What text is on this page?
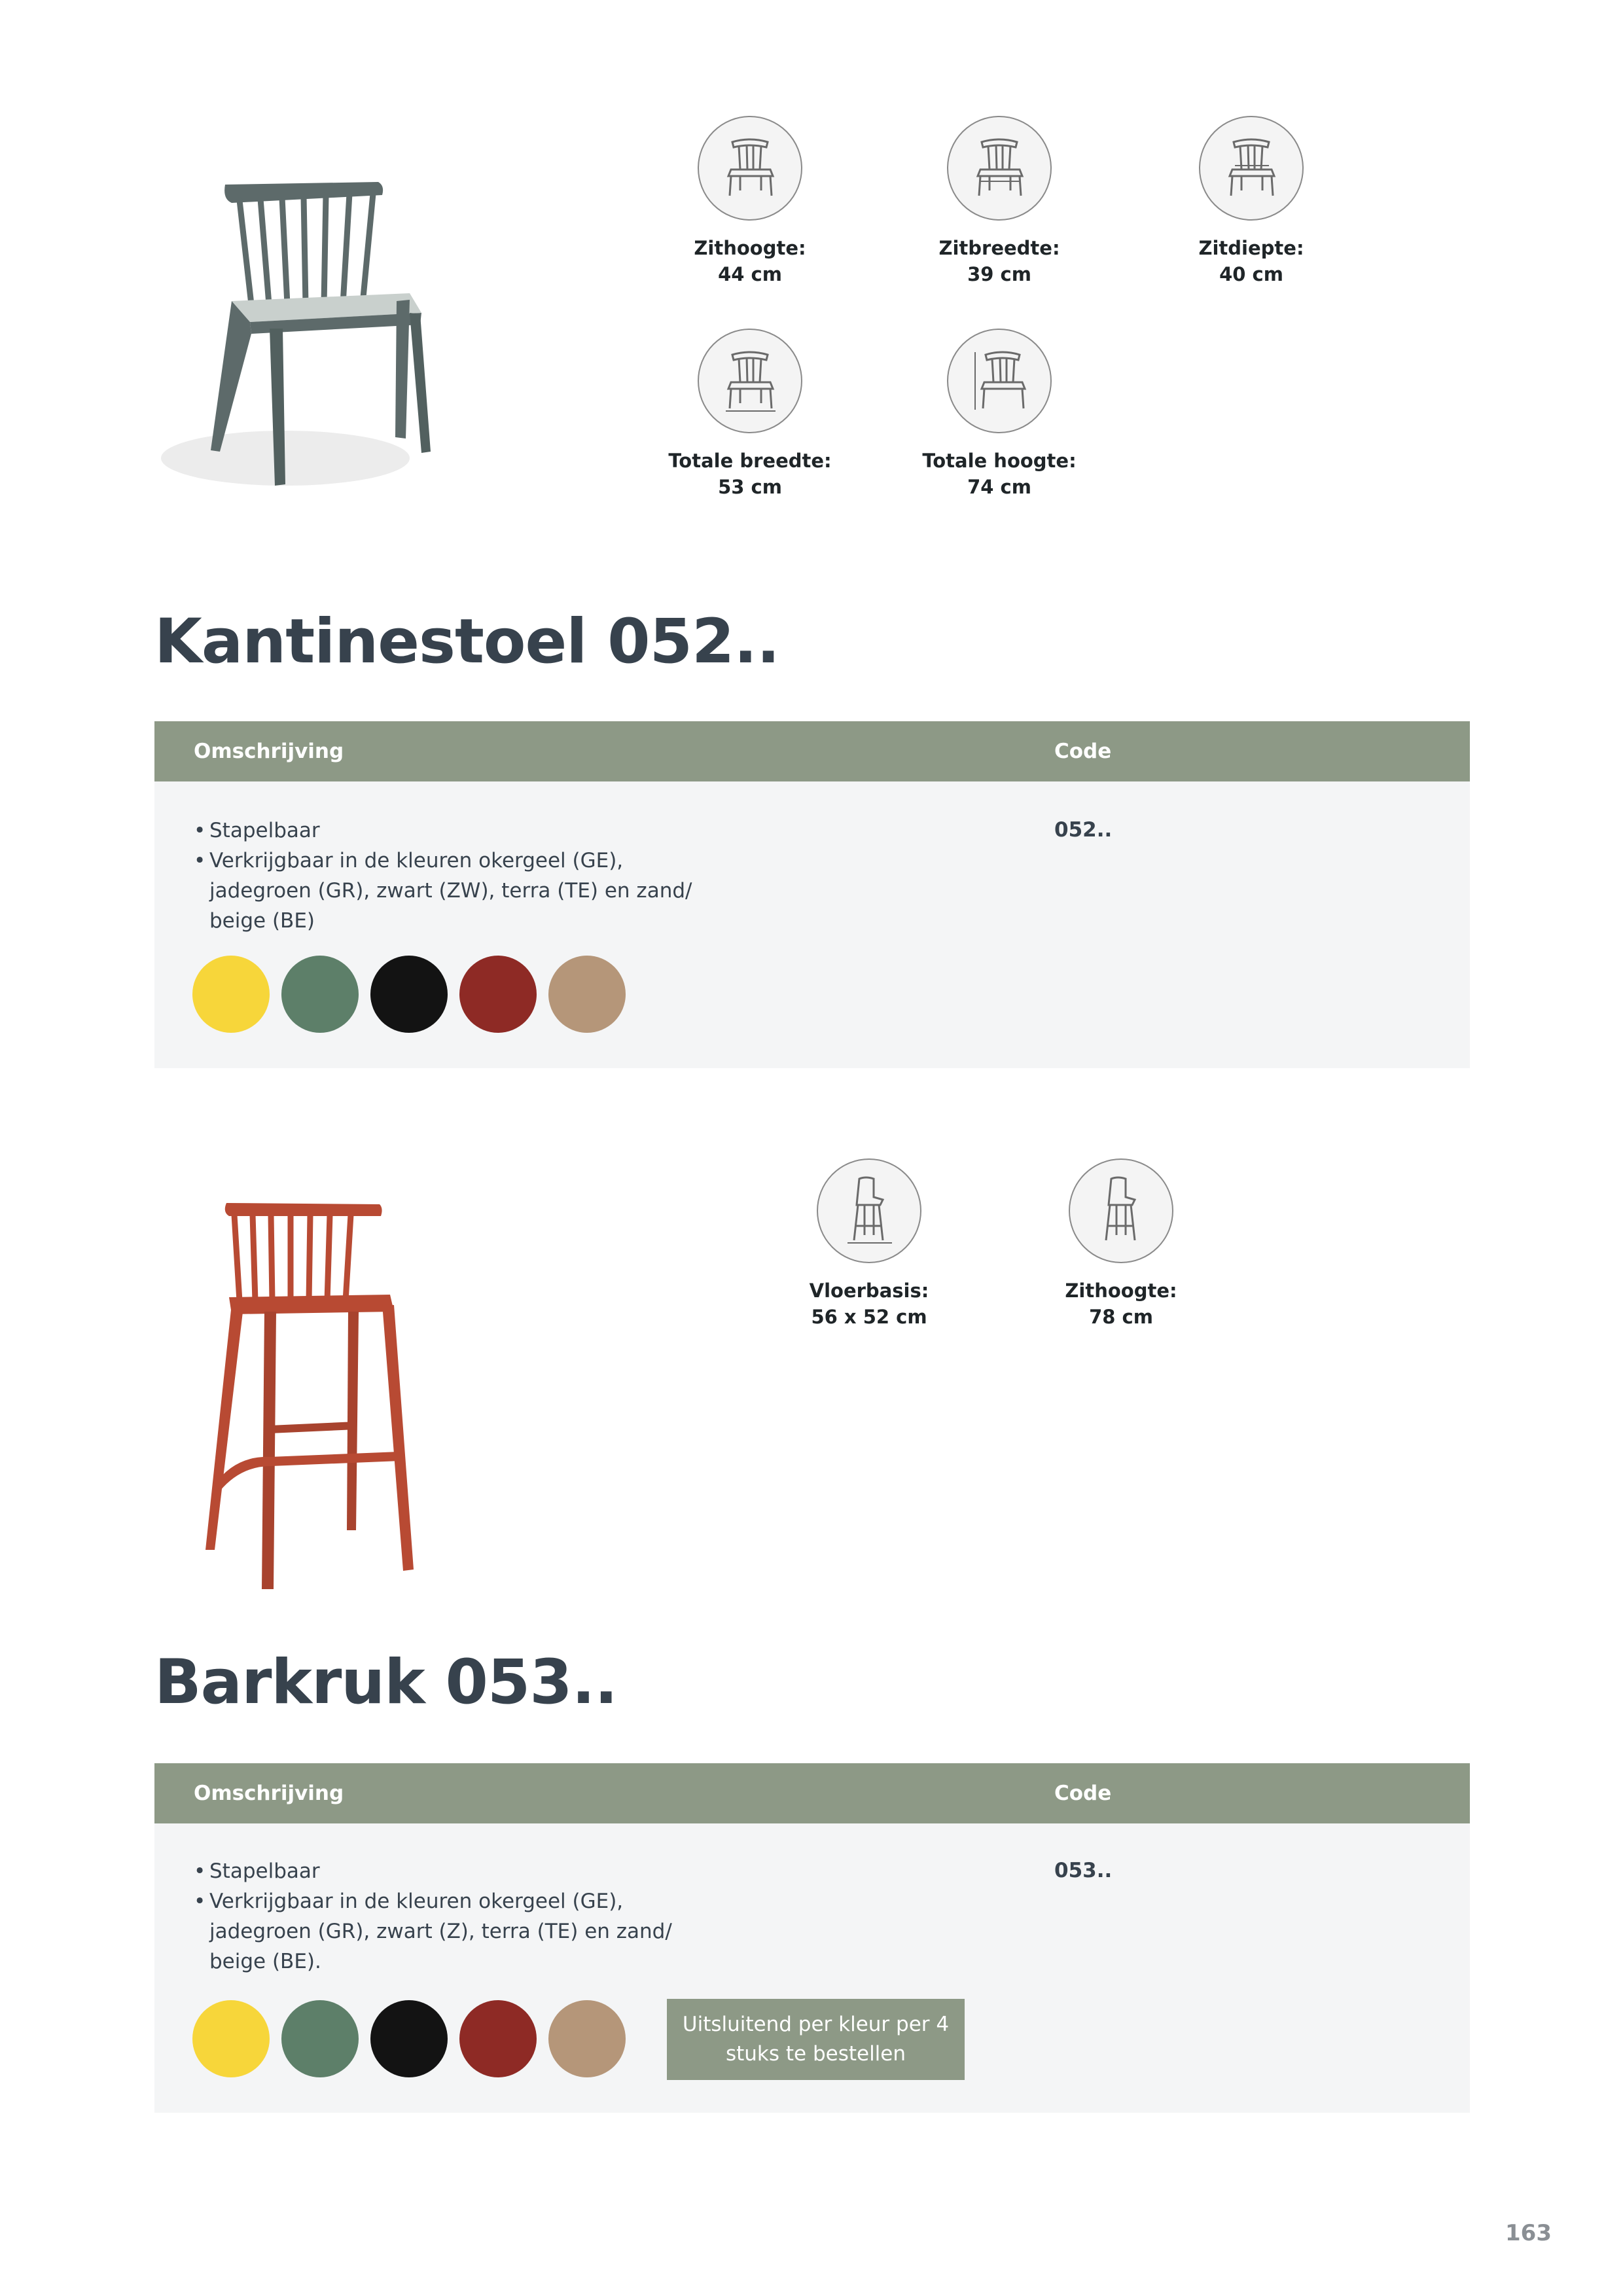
Zithoogte:
44 cm
Zitbreedte:
39 cm
Zitdiepte:
40 cm
Totale breedte:
53 cm
Totale hoogte:
74 cm
Kantinestoel 052..
Omschrijving	Code
• Stapelbaar
• Verkrijgbaar in de kleuren okergeel (GE),
jadegroen (GR), zwart (ZW), terra (TE) en zand/
beige (BE)
052..
Vloerbasis:
56 x 52 cm
Zithoogte:
78 cm
Barkruk 053..
Omschrijving	Code
• Stapelbaar
• Verkrijgbaar in de kleuren okergeel (GE),
jadegroen (GR), zwart (Z), terra (TE) en zand/
beige (BE).
053..
Uitsluitend per kleur per 4 stuks te bestellen
163
